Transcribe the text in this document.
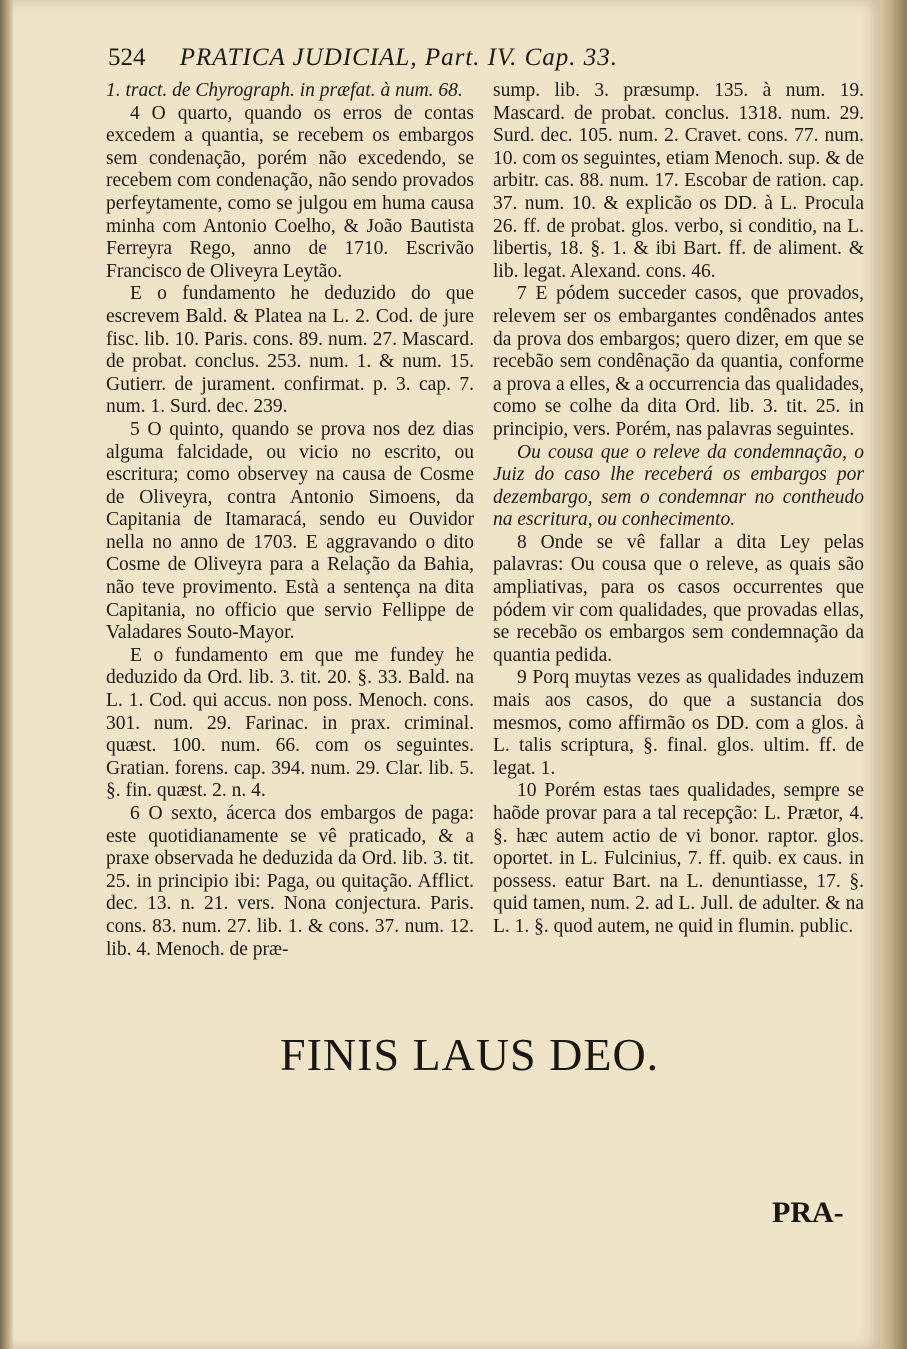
524 PRATICA JUDICIAL, Part. IV. Cap. 33.

1. tract. de Chyrograph. in præfat. à num. 68.

4 O quarto, quando os erros de contas excedem a quantia, se recebem os embargos sem condenação, porém não excedendo, se recebem com condenação, não sendo provados perfeytamente, como se julgou em huma causa minha com Antonio Coelho, & João Bautista Ferreyra Rego, anno de 1710. Escrivão Francisco de Oliveyra Leytão.

E o fundamento he deduzido do que escrevem Bald. & Platea na L. 2. Cod. de jure fisc. lib. 10. Paris. cons. 89. num. 27. Mascard. de probat. conclus. 253. num. 1. & num. 15. Gutierr. de jurament. confirmat. p. 3. cap. 7. num. 1. Surd. dec. 239.

5 O quinto, quando se prova nos dez dias alguma falcidade, ou vicio no escrito, ou escritura; como observey na causa de Cosme de Oliveyra, contra Antonio Simoens, da Capitania de Itamaracá, sendo eu Ouvidor nella no anno de 1703. E aggravando o dito Cosme de Oliveyra para a Relação da Bahia, não teve provimento. Està a sentença na dita Capitania, no officio que servio Fellippe de Valadares Souto-Mayor.

E o fundamento em que me fundey he deduzido da Ord. lib. 3. tit. 20. §. 33. Bald. na L. 1. Cod. qui accus. non poss. Menoch. cons. 301. num. 29. Farinac. in prax. criminal. quæst. 100. num. 66. com os seguintes. Gratian. forens. cap. 394. num. 29. Clar. lib. 5. §. fin. quæst. 2. n. 4.

6 O sexto, ácerca dos embargos de paga: este quotidianamente se vê praticado, & a praxe observada he deduzida da Ord. lib. 3. tit. 25. in principio ibi: Paga, ou quitação. Afflict. dec. 13. n. 21. vers. Nona conjectura. Paris. cons. 83. num. 27. lib. 1. & cons. 37. num. 12. lib. 4. Menoch. de præ-

sump. lib. 3. præsump. 135. à num. 19. Mascard. de probat. conclus. 1318. num. 29. Surd. dec. 105. num. 2. Cravet. cons. 77. num. 10. com os seguintes, etiam Menoch. sup. & de arbitr. cas. 88. num. 17. Escobar de ration. cap. 37. num. 10. & explicão os DD. à L. Procula 26. ff. de probat. glos. verbo, si conditio, na L. libertis, 18. §. 1. & ibi Bart. ff. de aliment. & lib. legat. Alexand. cons. 46.

7 E pódem succeder casos, que provados, relevem ser os embargantes condênados antes da prova dos embargos; quero dizer, em que se recebão sem condênação da quantia, conforme a prova a elles, & a occurrencia das qualidades, como se colhe da dita Ord. lib. 3. tit. 25. in principio, vers. Porém, nas palavras seguintes.

Ou cousa que o releve da condemnação, o Juiz do caso lhe receberá os embargos por dezembargo, sem o condemnar no contheudo na escritura, ou conhecimento.

8 Onde se vê fallar a dita Ley pelas palavras: Ou cousa que o releve, as quais são ampliativas, para os casos occurrentes que pódem vir com qualidades, que provadas ellas, se recebão os embargos sem condemnação da quantia pedida.

9 Porq muytas vezes as qualidades induzem mais aos casos, do que a sustancia dos mesmos, como affirmão os DD. com a glos. à L. talis scriptura, §. final. glos. ultim. ff. de legat. 1.

10 Porém estas taes qualidades, sempre se haõde provar para a tal recepção: L. Prætor, 4. §. hæc autem actio de vi bonor. raptor. glos. oportet. in L. Fulcinius, 7. ff. quib. ex caus. in possess. eatur Bart. na L. denuntiasse, 17. §. quid tamen, num. 2. ad L. Jull. de adulter. & na L. 1. §. quod autem, ne quid in flumin. public.

FINIS LAUS DEO.
PRA-
